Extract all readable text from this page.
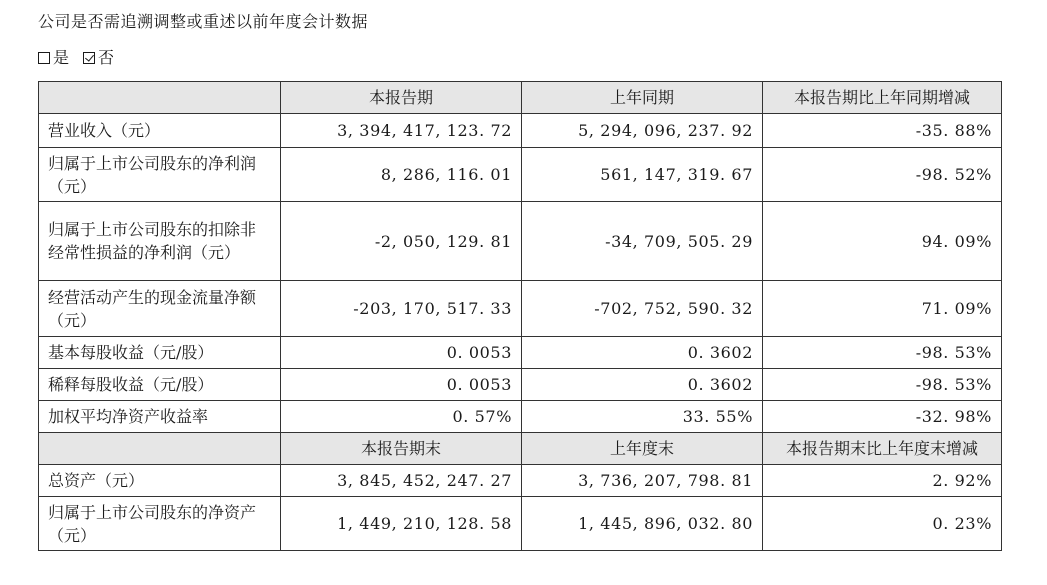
公司是否需追溯调整或重述以前年度会计数据
是 否
	本报告期	上年同期	本报告期比上年同期增减
营业收入（元）	3, 394, 417, 123. 72	5, 294, 096, 237. 92	-35. 88%
归属于上市公司股东的净利润（元）	8, 286, 116. 01	561, 147, 319. 67	-98. 52%
归属于上市公司股东的扣除非经常性损益的净利润（元）	-2, 050, 129. 81	-34, 709, 505. 29	94. 09%
经营活动产生的现金流量净额（元）	-203, 170, 517. 33	-702, 752, 590. 32	71. 09%
基本每股收益（元/股）	0. 0053	0. 3602	-98. 53%
稀释每股收益（元/股）	0. 0053	0. 3602	-98. 53%
加权平均净资产收益率	0. 57%	33. 55%	-32. 98%
	本报告期末	上年度末	本报告期末比上年度末增减
总资产（元）	3, 845, 452, 247. 27	3, 736, 207, 798. 81	2. 92%
归属于上市公司股东的净资产（元）	1, 449, 210, 128. 58	1, 445, 896, 032. 80	0. 23%
